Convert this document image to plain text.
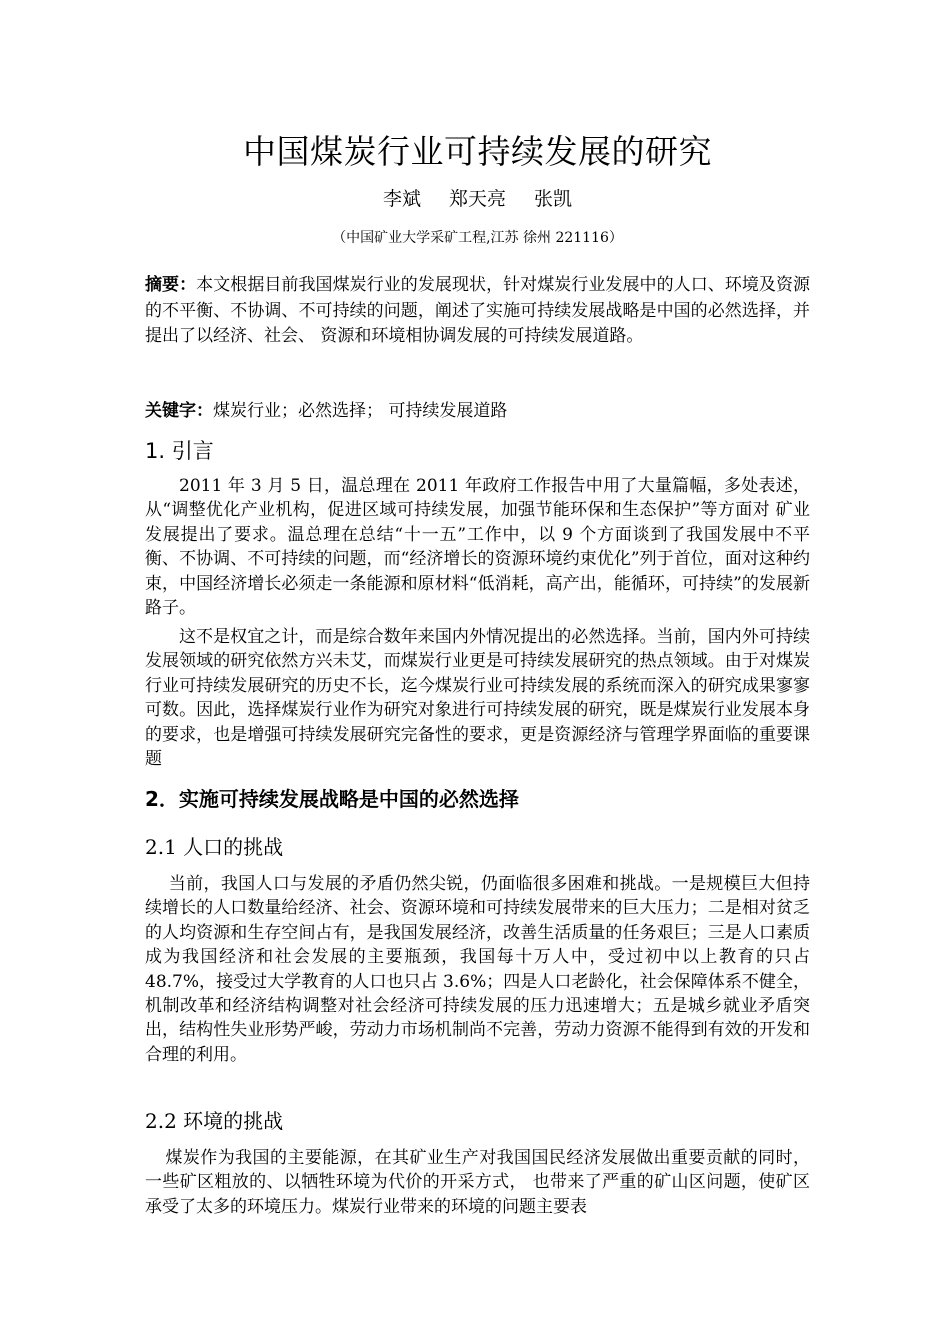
中国煤炭行业可持续发展的研究
李斌 郑天亮 张凯
（中国矿业大学采矿工程,江苏 徐州 221116）
摘要：本文根据目前我国煤炭行业的发展现状，针对煤炭行业发展中的人口、环境及资源的不平衡、不协调、不可持续的问题，阐述了实施可持续发展战略是中国的必然选择，并提出了以经济、社会、 资源和环境相协调发展的可持续发展道路。
关键字：煤炭行业；必然选择； 可持续发展道路
1. 引言
2011 年 3 月 5 日，温总理在 2011 年政府工作报告中用了大量篇幅，多处表述，从“调整优化产业机构，促进区域可持续发展，加强节能环保和生态保护”等方面对 矿业发展提出了要求。温总理在总结“十一五”工作中，以 9 个方面谈到了我国发展中不平衡、不协调、不可持续的问题，而“经济增长的资源环境约束优化”列于首位，面对这种约束，中国经济增长必须走一条能源和原材料“低消耗，高产出，能循环，可持续”的发展新路子。
这不是权宜之计，而是综合数年来国内外情况提出的必然选择。当前，国内外可持续发展领域的研究依然方兴未艾，而煤炭行业更是可持续发展研究的热点领域。由于对煤炭行业可持续发展研究的历史不长，迄今煤炭行业可持续发展的系统而深入的研究成果寥寥可数。因此，选择煤炭行业作为研究对象进行可持续发展的研究，既是煤炭行业发展本身的要求，也是增强可持续发展研究完备性的要求，更是资源经济与管理学界面临的重要课题
2．实施可持续发展战略是中国的必然选择
2.1 人口的挑战
当前，我国人口与发展的矛盾仍然尖锐，仍面临很多困难和挑战。一是规模巨大但持续增长的人口数量给经济、社会、资源环境和可持续发展带来的巨大压力；二是相对贫乏的人均资源和生存空间占有，是我国发展经济，改善生活质量的任务艰巨；三是人口素质成为我国经济和社会发展的主要瓶颈，我国每十万人中，受过初中以上教育的只占 48.7%，接受过大学教育的人口也只占 3.6%；四是人口老龄化，社会保障体系不健全，机制改革和经济结构调整对社会经济可持续发展的压力迅速增大；五是城乡就业矛盾突出，结构性失业形势严峻，劳动力市场机制尚不完善，劳动力资源不能得到有效的开发和合理的利用。
2.2 环境的挑战
煤炭作为我国的主要能源，在其矿业生产对我国国民经济发展做出重要贡献的同时，一些矿区粗放的、以牺牲环境为代价的开采方式， 也带来了严重的矿山区问题，使矿区承受了太多的环境压力。煤炭行业带来的环境的问题主要表
